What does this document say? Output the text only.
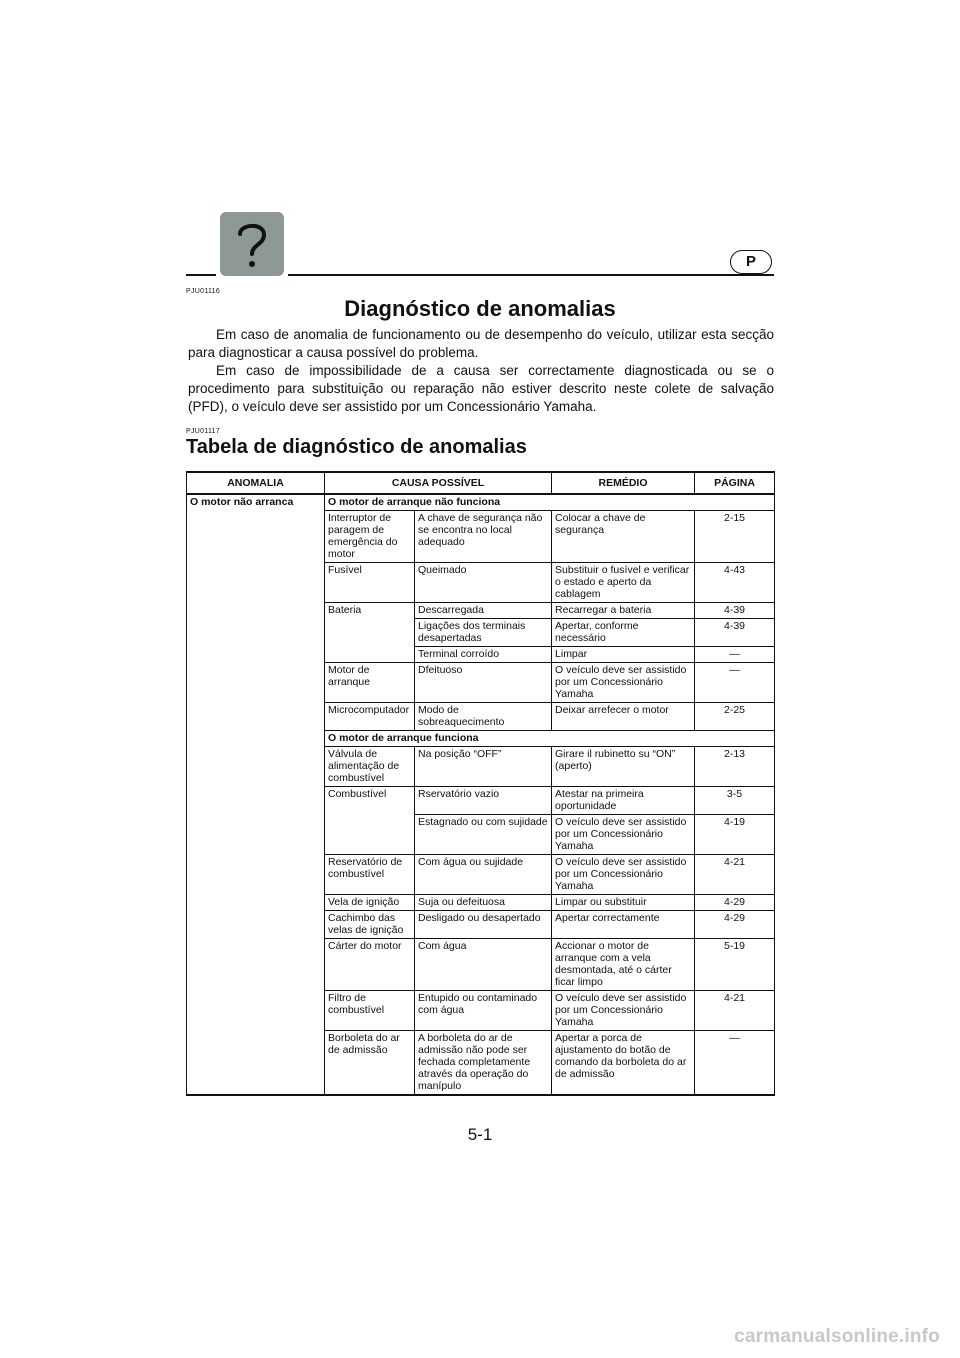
P
PJU01116
Diagnóstico de anomalias

Em caso de anomalia de funcionamento ou de desempenho do veículo, utilizar esta secção para diagnosticar a causa possível do problema.

Em caso de impossibilidade de a causa ser correctamente diagnosticada ou se o procedimento para substituição ou reparação não estiver descrito neste colete de salvação (PFD), o veículo deve ser assistido por um Concessionário Yamaha.

PJU01117
Tabela de diagnóstico de anomalias
ANOMALIA	CAUSA POSSÍVEL		REMÉDIO	PÁGINA
O motor não arranca	O motor de arranque não funciona			
	Interruptor de paragem de emergência do motor	A chave de segurança não se encontra no local adequado	Colocar a chave de segurança	2-15
	Fusível	Queimado	Substituir o fusível e verificar o estado e aperto da cablagem	4-43
	Bateria	Descarregada	Recarregar a bateria	4-39
		Ligações dos terminais desapertadas	Apertar, conforme necessário	4-39
		Terminal corroído	Limpar	—
	Motor de arranque	Dfeituoso	O veículo deve ser assistido por um Concessionário Yamaha	—
	Microcomputador	Modo de sobreaquecimento	Deixar arrefecer o motor	2-25
	O motor de arranque funciona			
	Válvula de alimentação de combustível	Na posição “OFF”	Girare il rubinetto su “ON” (aperto)	2-13
	Combustível	Rservatório vazio	Atestar na primeira oportunidade	3-5
		Estagnado ou com sujidade	O veículo deve ser assistido por um Concessionário Yamaha	4-19
	Reservatório de combustível	Com água ou sujidade	O veículo deve ser assistido por um Concessionário Yamaha	4-21
	Vela de ignição	Suja ou defeituosa	Limpar ou substituir	4-29
	Cachimbo das velas de ignição	Desligado ou desapertado	Apertar correctamente	4-29
	Cárter do motor	Com água	Accionar o motor de arranque com a vela desmontada, até o cárter ficar limpo	5-19
	Filtro de combustível	Entupido ou contaminado com água	O veículo deve ser assistido por um Concessionário Yamaha	4-21
	Borboleta do ar de admissão	A borboleta do ar de admissão não pode ser fechada completamente através da operação do manípulo	Apertar a porca de ajustamento do botão de comando da borboleta do ar de admissão	—
5-1
carmanualsonline.info
